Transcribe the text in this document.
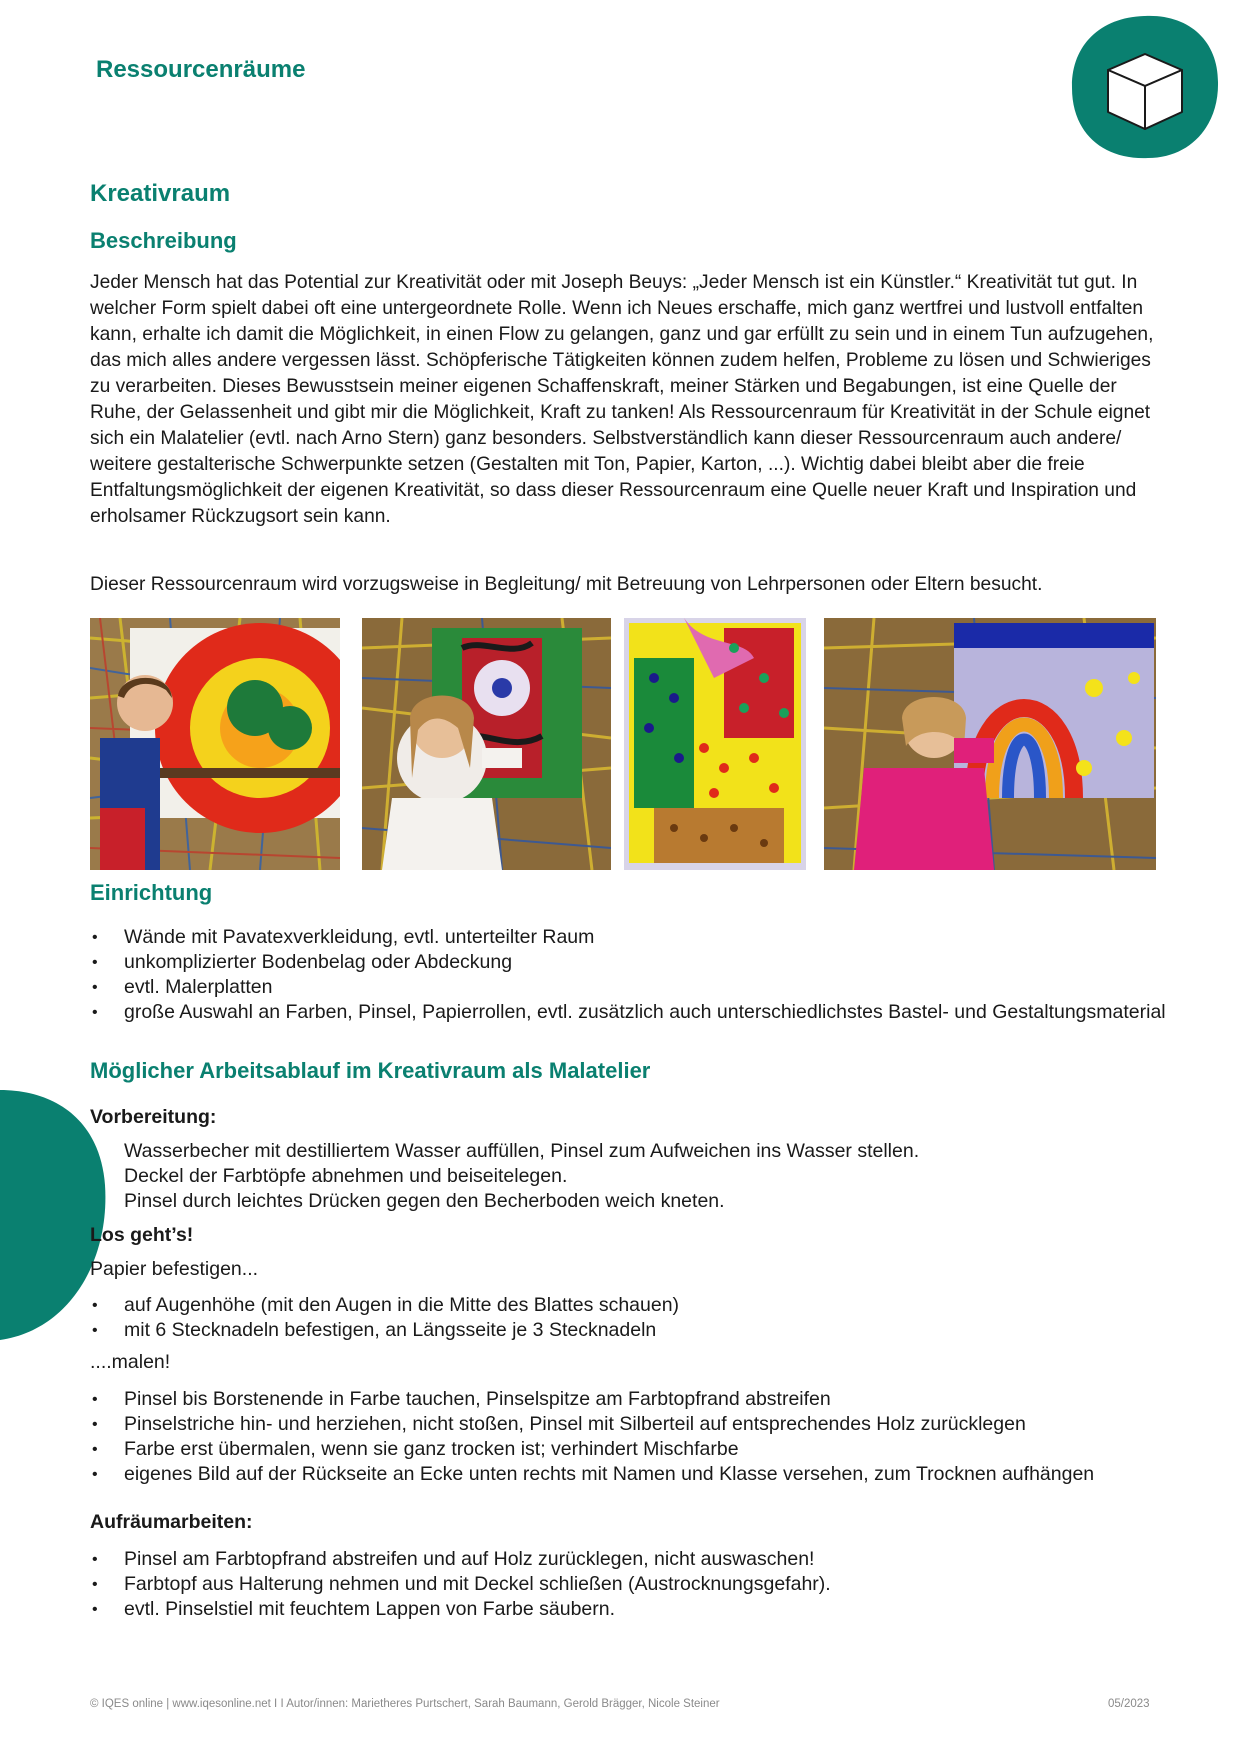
Ressourcenräume
Kreativraum
Beschreibung

Jeder Mensch hat das Potential zur Kreativität oder mit Joseph Beuys: „Jeder Mensch ist ein Künstler.“ Kreativität tut gut. In welcher Form spielt dabei oft eine untergeordnete Rolle. Wenn ich Neues erschaffe, mich ganz wertfrei und lustvoll entfalten kann, erhalte ich damit die Möglichkeit, in einen Flow zu gelangen, ganz und gar erfüllt zu sein und in einem Tun aufzugehen, das mich alles andere vergessen lässt. Schöpferische Tätigkeiten können zudem helfen, Probleme zu lösen und Schwieriges zu verarbeiten. Dieses Bewusstsein meiner eigenen Schaffenskraft, meiner Stärken und Begabungen, ist eine Quelle der Ruhe, der Gelassenheit und gibt mir die Möglichkeit, Kraft zu tanken! Als Ressourcenraum für Kreativität in der Schule eignet sich ein Malatelier (evtl. nach Arno Stern) ganz besonders. Selbstverständlich kann dieser Ressourcenraum auch andere/ weitere gestalterische Schwerpunkte setzen (Gestalten mit Ton, Papier, Karton, ...). Wichtig dabei bleibt aber die freie Entfaltungsmöglichkeit der eigenen Kreativität, so dass dieser Ressourcenraum eine Quelle neuer Kraft und Inspiration und erholsamer Rückzugsort sein kann.

Dieser Ressourcenraum wird vorzugsweise in Begleitung/ mit Betreuung von Lehrpersonen oder Eltern besucht.

Einrichtung
• Wände mit Pavatexverkleidung, evtl. unterteilter Raum
• unkomplizierter Bodenbelag oder Abdeckung
• evtl. Malerplatten
• große Auswahl an Farben, Pinsel, Papierrollen, evtl. zusätzlich auch unterschiedlichstes Bastel- und Gestaltungsmaterial
Möglicher Arbeitsablauf im Kreativraum als Malatelier
Vorbereitung:
Wasserbecher mit destilliertem Wasser auffüllen, Pinsel zum Aufweichen ins Wasser stellen.
Deckel der Farbtöpfe abnehmen und beiseitelegen.
Pinsel durch leichtes Drücken gegen den Becherboden weich kneten.
Los geht’s!
Papier befestigen...
• auf Augenhöhe (mit den Augen in die Mitte des Blattes schauen)
• mit 6 Stecknadeln befestigen, an Längsseite je 3 Stecknadeln
....malen!
• Pinsel bis Borstenende in Farbe tauchen, Pinselspitze am Farbtopfrand abstreifen
• Pinselstriche hin- und herziehen, nicht stoßen, Pinsel mit Silberteil auf entsprechendes Holz zurücklegen
• Farbe erst übermalen, wenn sie ganz trocken ist; verhindert Mischfarbe
• eigenes Bild auf der Rückseite an Ecke unten rechts mit Namen und Klasse versehen, zum Trocknen aufhängen
Aufräumarbeiten:
• Pinsel am Farbtopfrand abstreifen und auf Holz zurücklegen, nicht auswaschen!
• Farbtopf aus Halterung nehmen und mit Deckel schließen (Austrocknungsgefahr).
• evtl. Pinselstiel mit feuchtem Lappen von Farbe säubern.
© IQES online | www.iqesonline.net I I Autor/innen: Marietheres Purtschert, Sarah Baumann, Gerold Brägger, Nicole Steiner	05/2023
